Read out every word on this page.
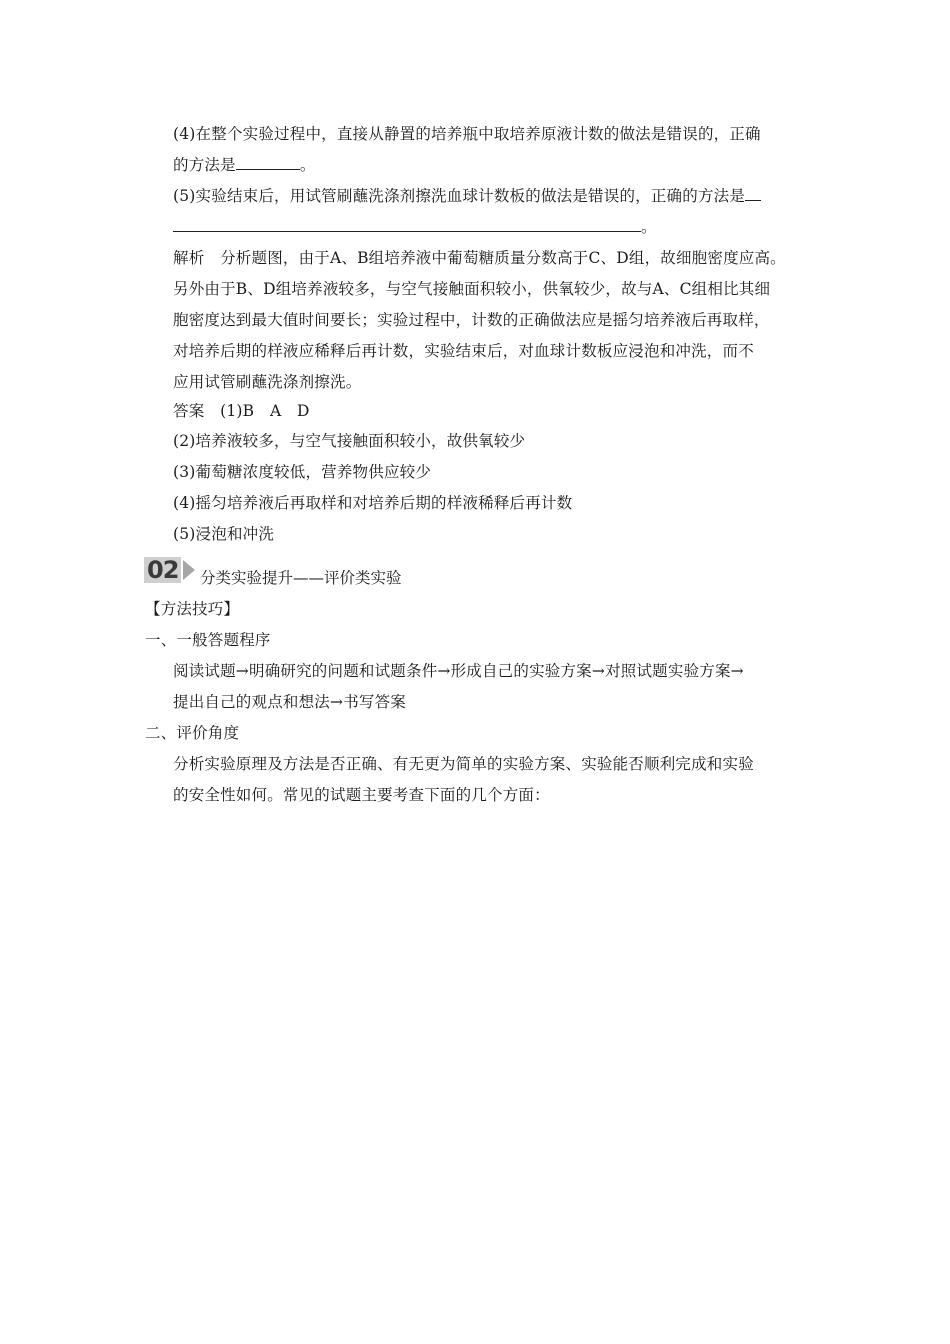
(4)在整个实验过程中，直接从静置的培养瓶中取培养原液计数的做法是错误的，正确
的方法是	。
(5)实验结束后，用试管刷蘸洗涤剂擦洗血球计数板的做法是错误的，正确的方法是
。
解析　分析题图，由于A、B组培养液中葡萄糖质量分数高于C、D组，故细胞密度应高。
另外由于B、D组培养液较多，与空气接触面积较小，供氧较少，故与A、C组相比其细
胞密度达到最大值时间要长；实验过程中，计数的正确做法应是摇匀培养液后再取样，
对培养后期的样液应稀释后再计数，实验结束后，对血球计数板应浸泡和冲洗，而不
应用试管刷蘸洗涤剂擦洗。
答案　(1)B　A　D
(2)培养液较多，与空气接触面积较小，故供氧较少
(3)葡萄糖浓度较低，营养物供应较少
(4)摇匀培养液后再取样和对培养后期的样液稀释后再计数
(5)浸泡和冲洗
02 分类实验提升——评价类实验
【方法技巧】
一、一般答题程序
阅读试题→明确研究的问题和试题条件→形成自己的实验方案→对照试题实验方案→
提出自己的观点和想法→书写答案
二、评价角度
分析实验原理及方法是否正确、有无更为简单的实验方案、实验能否顺利完成和实验
的安全性如何。常见的试题主要考查下面的几个方面：
